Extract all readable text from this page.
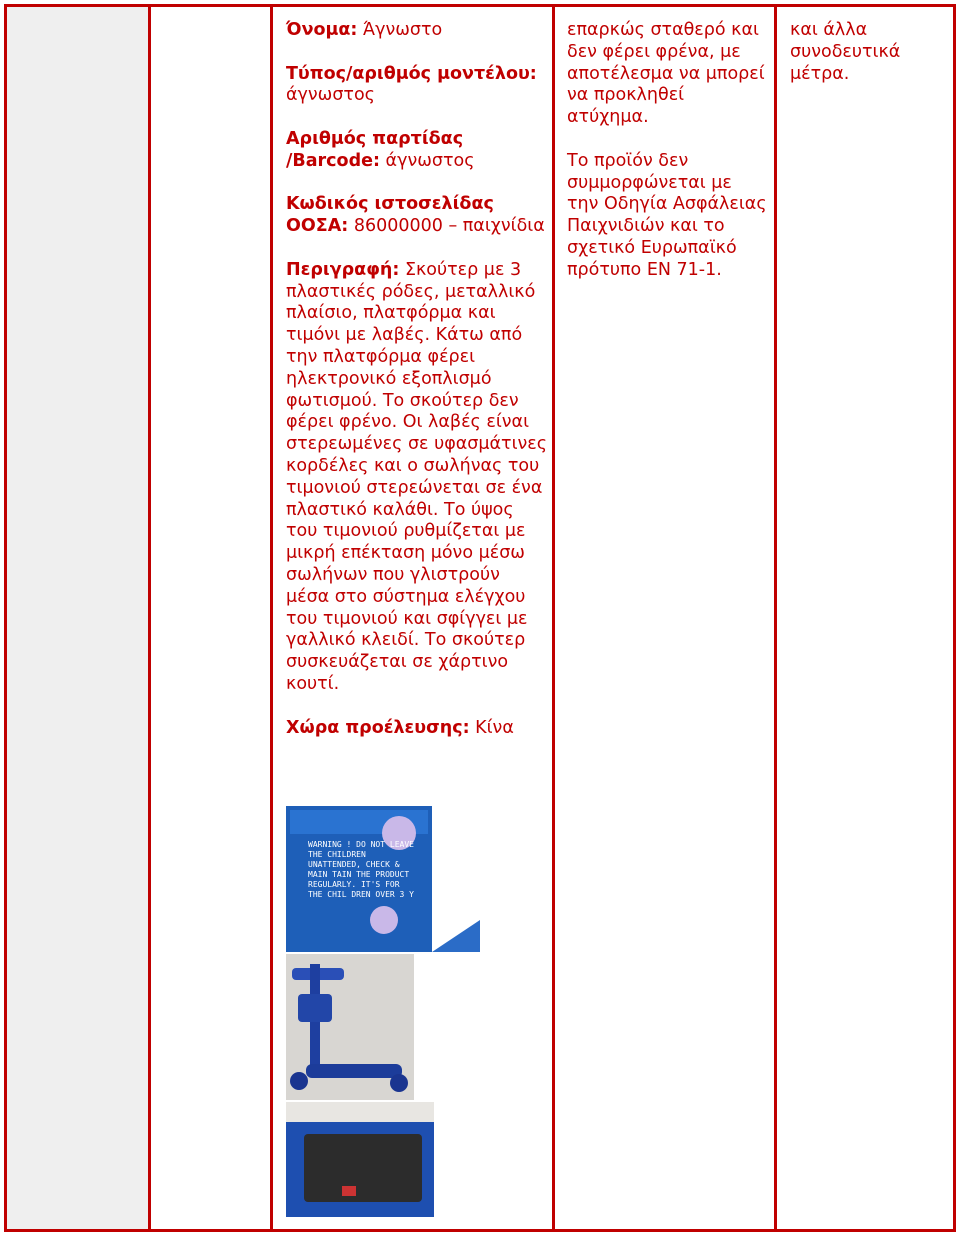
Όνομα: Άγνωστο

Τύπος/αριθμός μοντέλου: άγνωστος

Αριθμός παρτίδας /Barcode: άγνωστος

Κωδικός ιστοσελίδας ΟΟΣΑ: 86000000 – παιχνίδια

Περιγραφή: Σκούτερ με 3 πλαστικές ρόδες, μεταλλικό πλαίσιο, πλατφόρμα και τιμόνι με λαβές. Κάτω από την πλατφόρμα φέρει ηλεκτρονικό εξοπλισμό φωτισμού. Το σκούτερ δεν φέρει φρένο. Οι λαβές είναι στερεωμένες σε υφασμάτινες κορδέλες και ο σωλήνας του τιμονιού στερεώνεται σε ένα πλαστικό καλάθι. Το ύψος του τιμονιού ρυθμίζεται με μικρή επέκταση μόνο μέσω σωλήνων που γλιστρούν μέσα στο σύστημα ελέγχου του τιμονιού και σφίγγει με γαλλικό κλειδί. Το σκούτερ συσκευάζεται σε χάρτινο κουτί.

Χώρα προέλευσης: Κίνα

επαρκώς σταθερό και δεν φέρει φρένα, με αποτέλεσμα να μπορεί να προκληθεί ατύχημα.

Το προϊόν δεν συμμορφώνεται με την Οδηγία Ασφάλειας Παιχνιδιών και το σχετικό Ευρωπαϊκό πρότυπο EN 71-1.

και άλλα συνοδευτικά μέτρα.

WARNING ! DO NOT LEAVE THE CHILDREN UNATTENDED, CHECK & MAIN TAIN THE PRODUCT REGULARLY. IT'S FOR THE CHIL DREN OVER 3 Y
